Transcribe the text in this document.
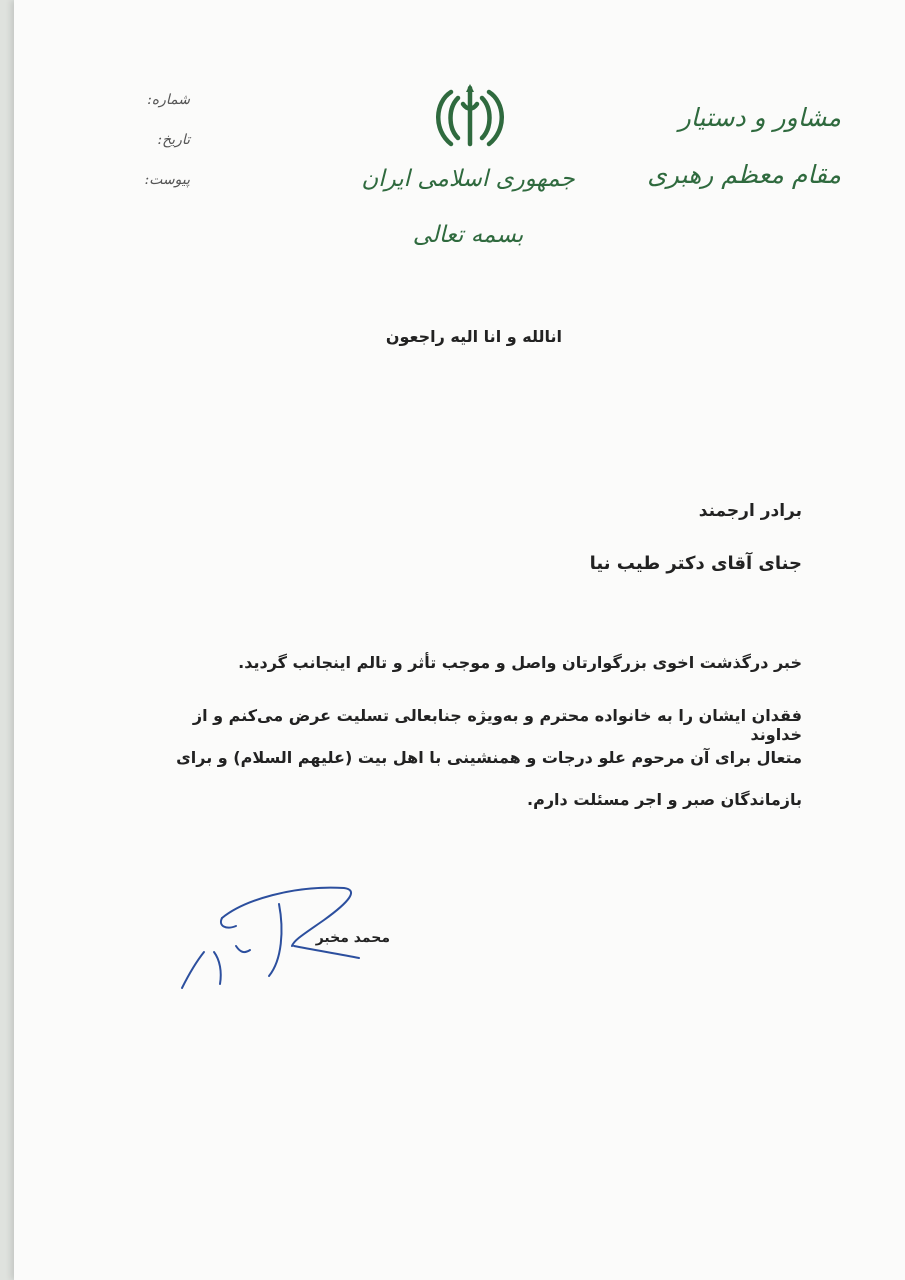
مشاور و دستیار
مقام معظم رهبری
جمهوری اسلامی ایران
بسمه تعالی
شماره:
تاریخ:
پیوست:
انالله و انا الیه راجعون
برادر ارجمند
جنای آقای دکتر طیب نیا
خبر درگذشت اخوی بزرگوارتان واصل و موجب تأثر و تالم اینجانب گردید.
فقدان ایشان را به خانواده محترم و به‌ویژه جنابعالی تسلیت عرض می‌کنم و از خداوند
متعال برای آن مرحوم علو درجات و همنشینی با اهل بیت (علیهم السلام) و برای
بازماندگان صبر و اجر مسئلت دارم.
محمد مخبر
